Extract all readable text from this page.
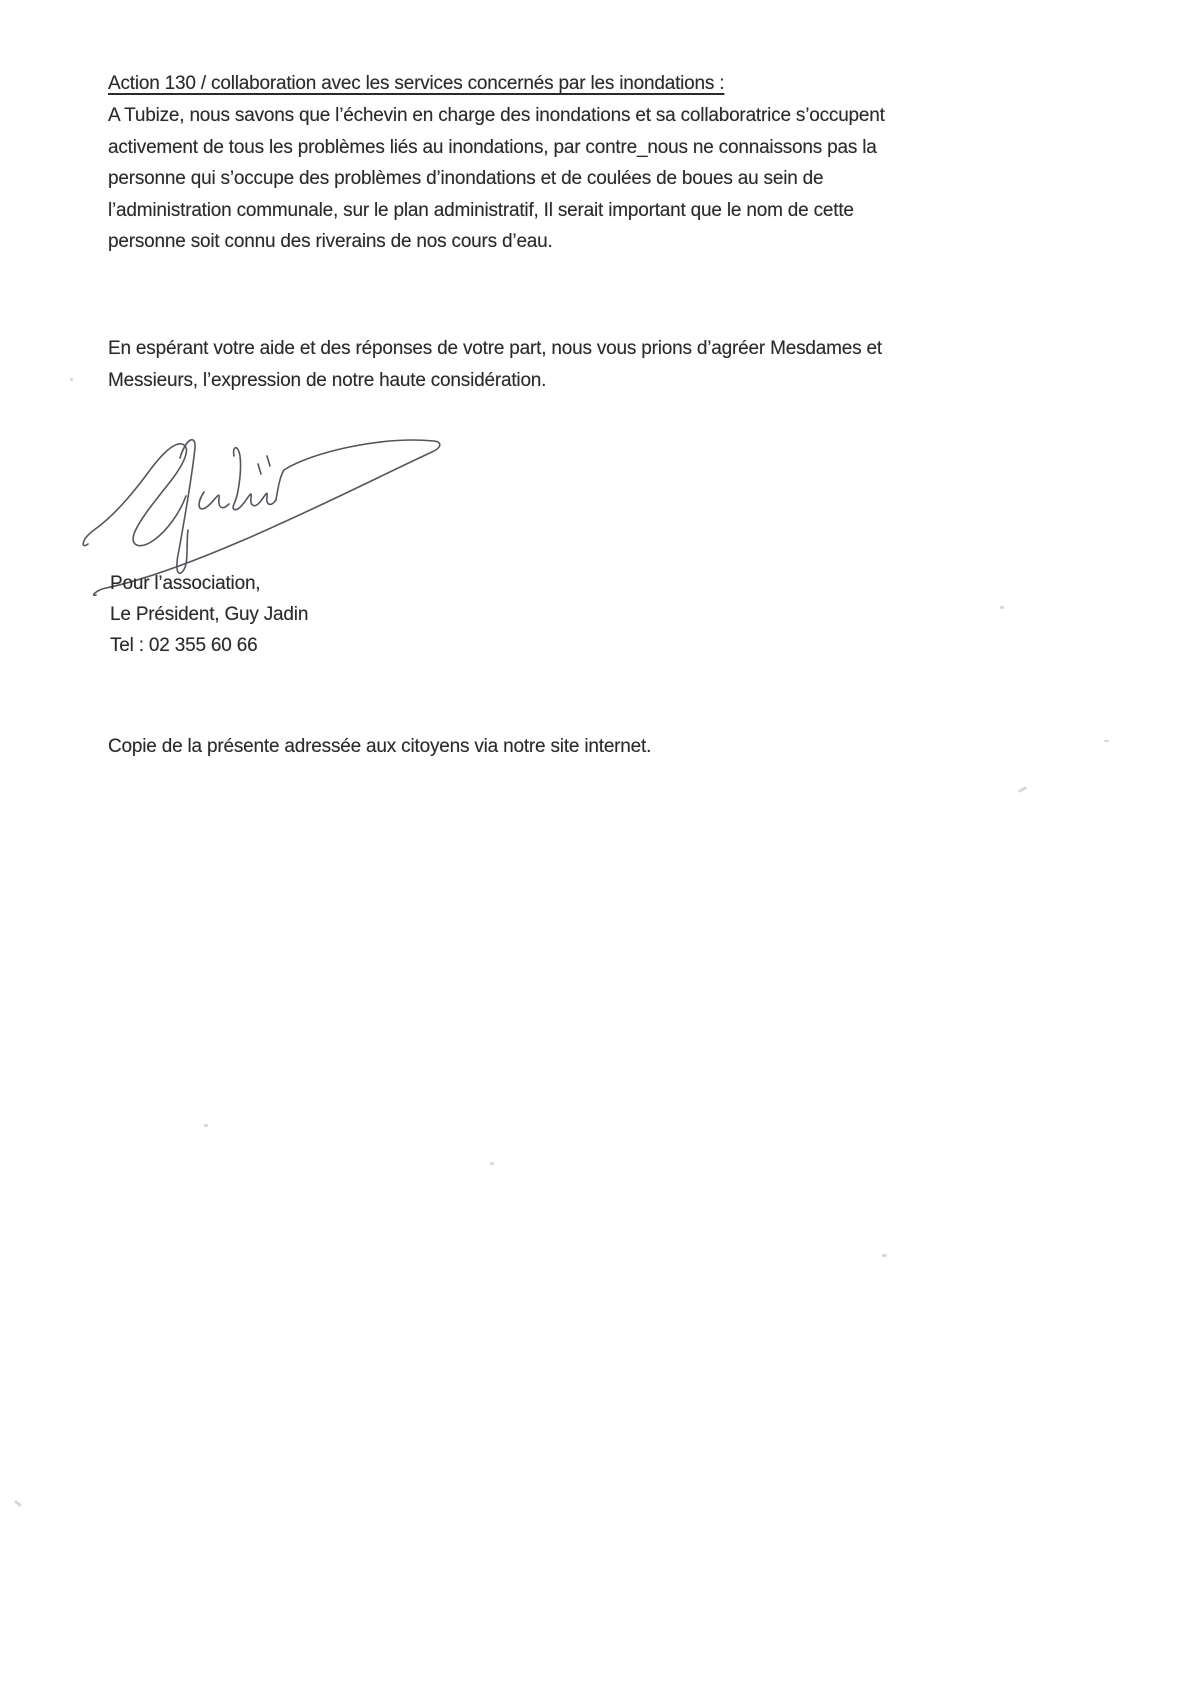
Action 130 / collaboration avec les services concernés par les inondations :
A Tubize, nous savons que l’échevin en charge des inondations et sa collaboratrice s’occupent
activement de tous les problèmes liés au inondations, par contre_nous ne connaissons pas la
personne qui s’occupe des problèmes d’inondations et de coulées de boues au sein de
l’administration communale, sur le plan administratif, Il serait important que le nom de cette
personne soit connu des riverains de nos cours d’eau.
En espérant votre aide et des réponses de votre part, nous vous prions d’agréer Mesdames et
Messieurs, l’expression de notre haute considération.
Pour l’association,
Le Président, Guy Jadin
Tel : 02 355 60 66
Copie de la présente adressée aux citoyens via notre site internet.
